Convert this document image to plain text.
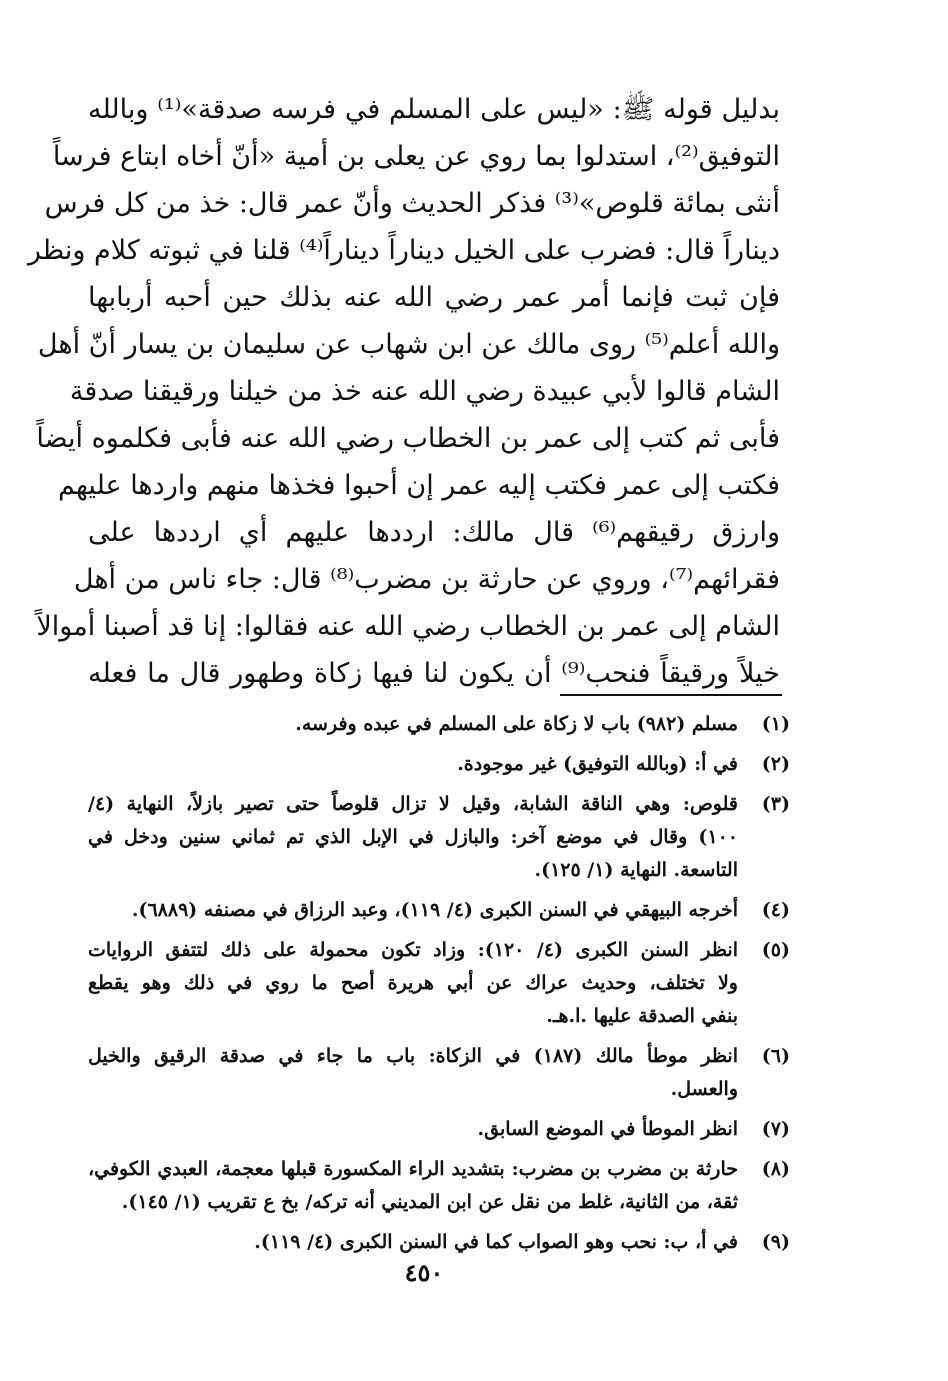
بدليل قوله ﷺ: «ليس على المسلم في فرسه صدقة»⁽¹⁾ وبالله
التوفيق⁽²⁾، استدلوا بما روي عن يعلى بن أمية «أنّ أخاه ابتاع فرساً
أنثى بمائة قلوص»⁽³⁾ فذكر الحديث وأنّ عمر قال: خذ من كل فرس
ديناراً قال: فضرب على الخيل ديناراً ديناراً⁽⁴⁾ قلنا في ثبوته كلام ونظر
فإن ثبت فإنما أمر عمر رضي الله عنه بذلك حين أحبه أربابها
والله أعلم⁽⁵⁾ روى مالك عن ابن شهاب عن سليمان بن يسار أنّ أهل
الشام قالوا لأبي عبيدة رضي الله عنه خذ من خيلنا ورقيقنا صدقة
فأبى ثم كتب إلى عمر بن الخطاب رضي الله عنه فأبى فكلموه أيضاً
فكتب إلى عمر فكتب إليه عمر إن أحبوا فخذها منهم واردها عليهم
وارزق رقيقهم⁽⁶⁾ قال مالك: ارددها عليهم أي ارددها على
فقرائهم⁽⁷⁾، وروي عن حارثة بن مضرب⁽⁸⁾ قال: جاء ناس من أهل
الشام إلى عمر بن الخطاب رضي الله عنه فقالوا: إنا قد أصبنا أموالاً
خيلاً ورقيقاً فنحب⁽⁹⁾ أن يكون لنا فيها زكاة وطهور قال ما فعله
(١)
مسلم (٩٨٢) باب لا زكاة على المسلم في عبده وفرسه.
(٢)
في أ: (وبالله التوفيق) غير موجودة.
(٣)
قلوص: وهي الناقة الشابة، وقيل لا تزال قلوصاً حتى تصير بازلاً، النهاية (٤/
١٠٠) وقال في موضع آخر: والبازل في الإبل الذي تم ثماني سنين ودخل في
التاسعة. النهاية (١/ ١٢٥).
(٤)
أخرجه البيهقي في السنن الكبرى (٤/ ١١٩)، وعبد الرزاق في مصنفه (٦٨٨٩).
(٥)
انظر السنن الكبرى (٤/ ١٢٠): وزاد تكون محمولة على ذلك لتتفق الروايات
ولا تختلف، وحديث عراك عن أبي هريرة أصح ما روي في ذلك وهو يقطع
بنفي الصدقة عليها .ا.هـ.
(٦)
انظر موطأ مالك (١٨٧) في الزكاة: باب ما جاء في صدقة الرقيق والخيل
والعسل.
(٧)
انظر الموطأ في الموضع السابق.
(٨)
حارثة بن مضرب بن مضرب: بتشديد الراء المكسورة قبلها معجمة، العبدي الكوفي،
ثقة، من الثانية، غلط من نقل عن ابن المديني أنه تركه/ بخ ع تقريب (١/ ١٤٥).
(٩)
في أ، ب: نحب وهو الصواب كما في السنن الكبرى (٤/ ١١٩).
٤٥٠
